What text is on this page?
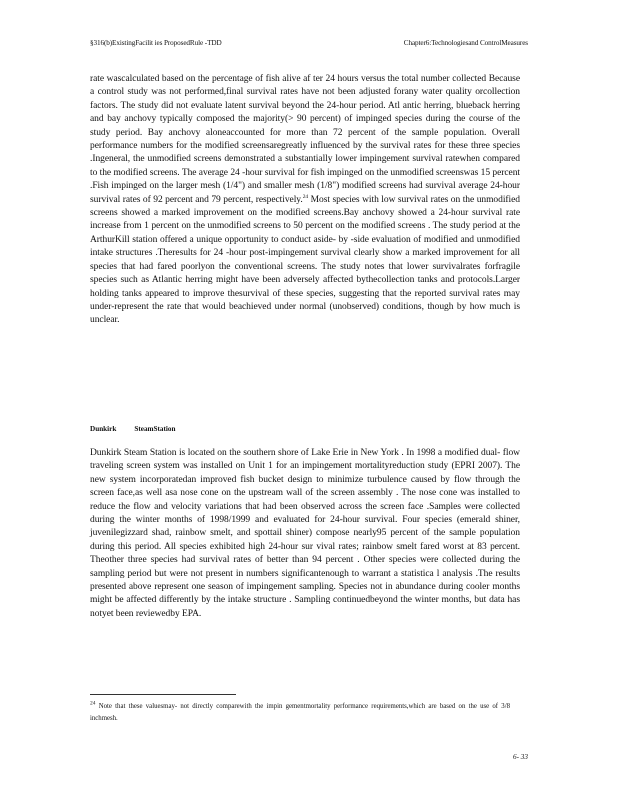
§316(b)ExistingFacilit ies ProposedRule -TDD	Chapter6:Technologiesand ControlMeasures
rate wascalculated based on the percentage of fish alive af ter 24 hours versus the total number collected Because a control study was not performed,final survival rates have not been adjusted forany water quality orcollection factors. The study did not evaluate latent survival beyond the 24-hour period. Atl antic herring, blueback herring and bay anchovy typically composed the majority(> 90 percent) of impinged species during the course of the study period. Bay anchovy aloneaccounted for more than 72 percent of the sample population. Overall performance numbers for the modified screensaregreatly influenced by the survival rates for these three species .Ingeneral, the unmodified screens demonstrated a substantially lower impingement survival ratewhen compared to the modified screens. The average 24 -hour survival for fish impinged on the unmodified screenswas 15 percent .Fish impinged on the larger mesh (1/4") and smaller mesh (1/8") modified screens had survival average 24-hour survival rates of 92 percent and 79 percent, respectively.$^{24}$ Most species with low survival rates on the unmodified screens showed a marked improvement on the modified screens.Bay anchovy showed a 24-hour survival rate increase from 1 percent on the unmodified screens to 50 percent on the modified screens . The study period at the ArthurKill station offered a unique opportunity to conduct aside- by -side evaluation of modified and unmodified intake structures .Theresults for 24 -hour post-impingement survival clearly show a marked improvement for all species that had fared poorlyon the conventional screens. The study notes that lower survivalrates forfragile species such as Atlantic herring might have been adversely affected bythecollection tanks and protocols.Larger holding tanks appeared to improve thesurvival of these species, suggesting that the reported survival rates may under-represent the rate that would beachieved under normal (unobserved) conditions, though by how much is unclear.
Dunkirk	SteamStation
Dunkirk Steam Station is located on the southern shore of Lake Erie in New York . In 1998 a modified dual- flow traveling screen system was installed on Unit 1 for an impingement mortalityreduction study (EPRI 2007). The new system incorporatedan improved fish bucket design to minimize turbulence caused by flow through the screen face,as well asa nose cone on the upstream wall of the screen assembly . The nose cone was installed to reduce the flow and velocity variations that had been observed across the screen face .Samples were collected during the winter months of 1998/1999 and evaluated for 24-hour survival. Four species (emerald shiner, juvenilegizzard shad, rainbow smelt, and spottail shiner) compose nearly95 percent of the sample population during this period. All species exhibited high 24-hour sur vival rates; rainbow smelt fared worst at 83 percent. Theother three species had survival rates of better than 94 percent . Other species were collected during the sampling period but were not present in numbers significantenough to warrant a statistica l analysis .The results presented above represent one season of impingement sampling. Species not in abundance during cooler months might be affected differently by the intake structure . Sampling continuedbeyond the winter months, but data has notyet been reviewedby EPA.
$^{24}$ Note that these valuesmay- not directly comparewith the impin gementmortality performance requirements,which are based on the use of 3/8 inchmesh.
6- 33
